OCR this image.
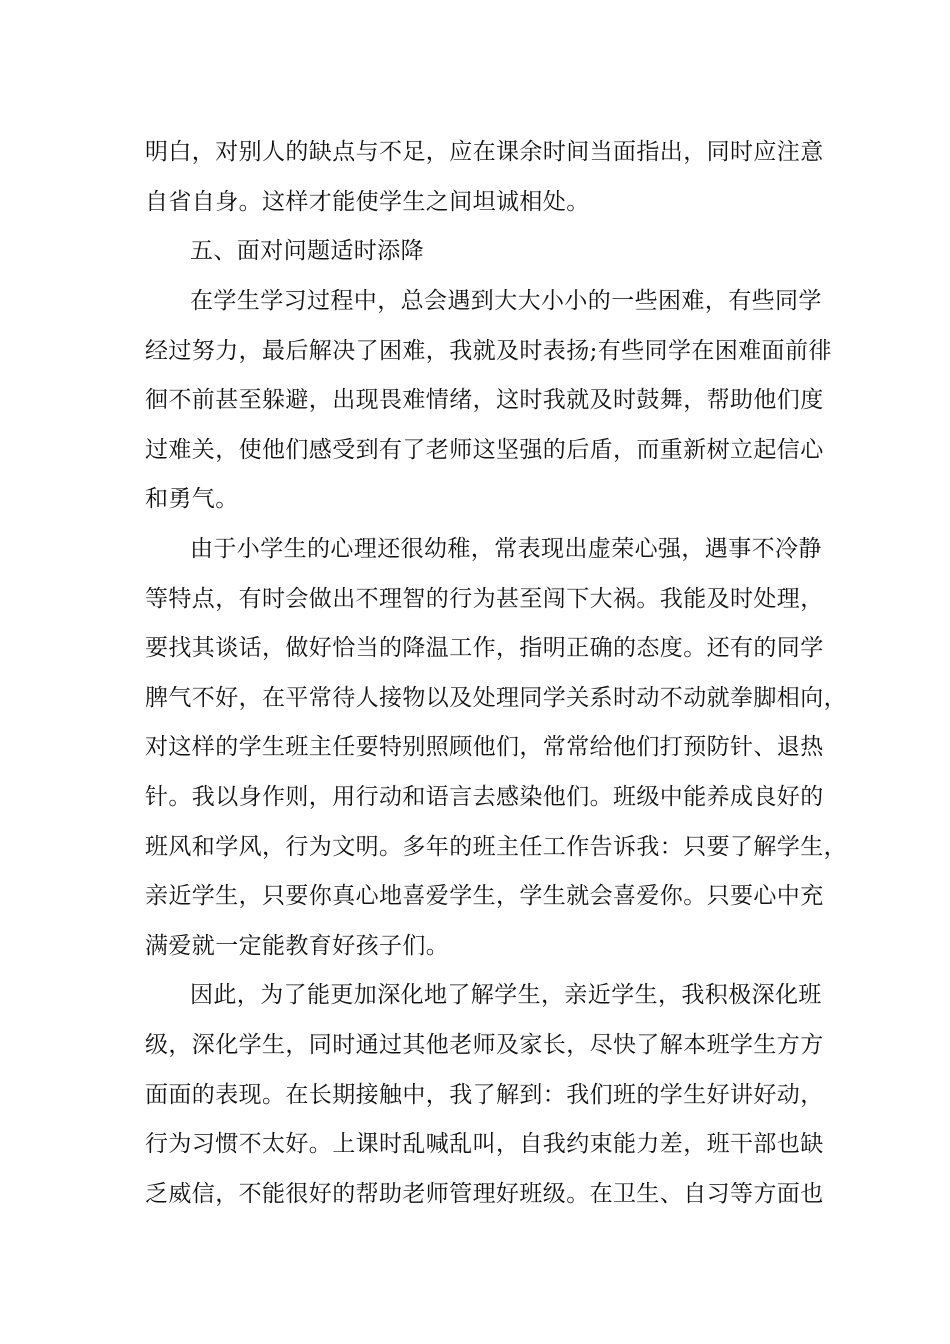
明白，对别人的缺点与不足，应在课余时间当面指出，同时应注意
自省自身。这样才能使学生之间坦诚相处。
五、面对问题适时添降
在学生学习过程中，总会遇到大大小小的一些困难，有些同学
经过努力，最后解决了困难，我就及时表扬;有些同学在困难面前徘
徊不前甚至躲避，出现畏难情绪，这时我就及时鼓舞，帮助他们度
过难关，使他们感受到有了老师这坚强的后盾，而重新树立起信心
和勇气。
由于小学生的心理还很幼稚，常表现出虚荣心强，遇事不冷静
等特点，有时会做出不理智的行为甚至闯下大祸。我能及时处理，
要找其谈话，做好恰当的降温工作，指明正确的态度。还有的同学
脾气不好，在平常待人接物以及处理同学关系时动不动就拳脚相向，
对这样的学生班主任要特别照顾他们，常常给他们打预防针、退热
针。我以身作则，用行动和语言去感染他们。班级中能养成良好的
班风和学风，行为文明。多年的班主任工作告诉我：只要了解学生，
亲近学生，只要你真心地喜爱学生，学生就会喜爱你。只要心中充
满爱就一定能教育好孩子们。
因此，为了能更加深化地了解学生，亲近学生，我积极深化班
级，深化学生，同时通过其他老师及家长，尽快了解本班学生方方
面面的表现。在长期接触中，我了解到：我们班的学生好讲好动，
行为习惯不太好。上课时乱喊乱叫，自我约束能力差，班干部也缺
乏威信，不能很好的帮助老师管理好班级。在卫生、自习等方面也
